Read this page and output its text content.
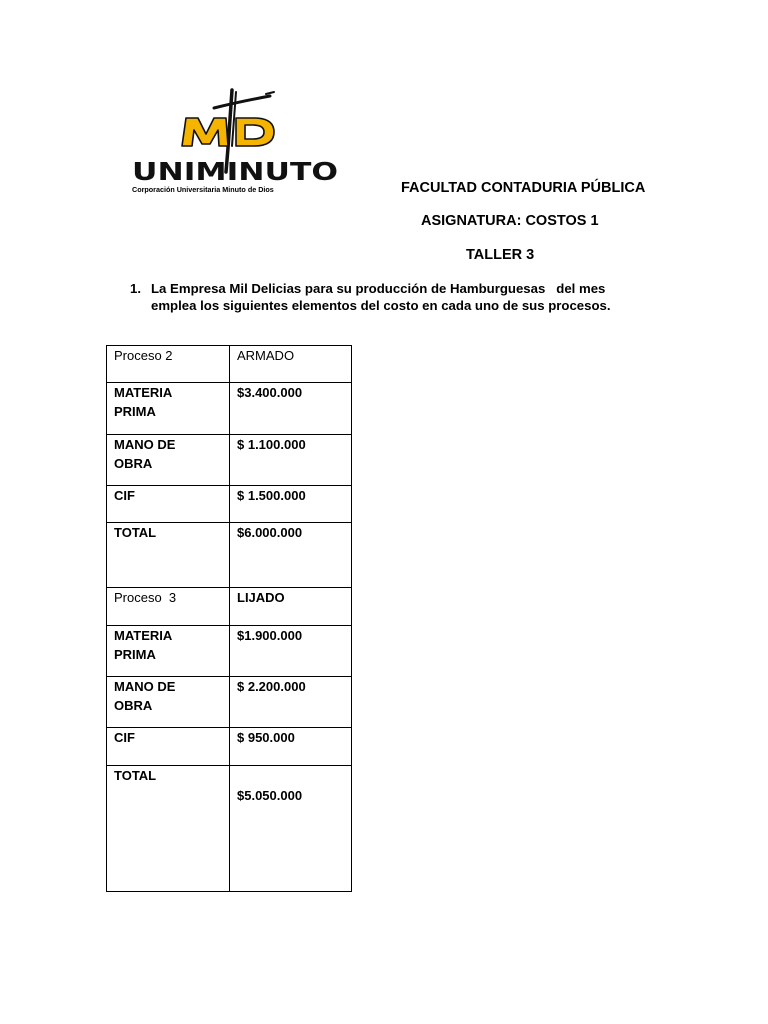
UNIMINUTO
Corporación Universitaria Minuto de Dios	FACULTAD CONTADURIA PÚBLICA
ASIGNATURA: COSTOS 1
TALLER 3
1. La Empresa Mil Delicias para su producción de Hamburguesas   del mes
emplea los siguientes elementos del costo en cada uno de sus procesos.
Proceso 2	ARMADO

MATERIA
PRIMA	$3.400.000

MANO DE
OBRA	$ 1.100.000
CIF	$ 1.500.000
TOTAL	$6.000.000
Proceso  3	LIJADO

MATERIA
PRIMA	$1.900.000

MANO DE
OBRA	$ 2.200.000
CIF	$ 950.000
TOTAL	$5.050.000
